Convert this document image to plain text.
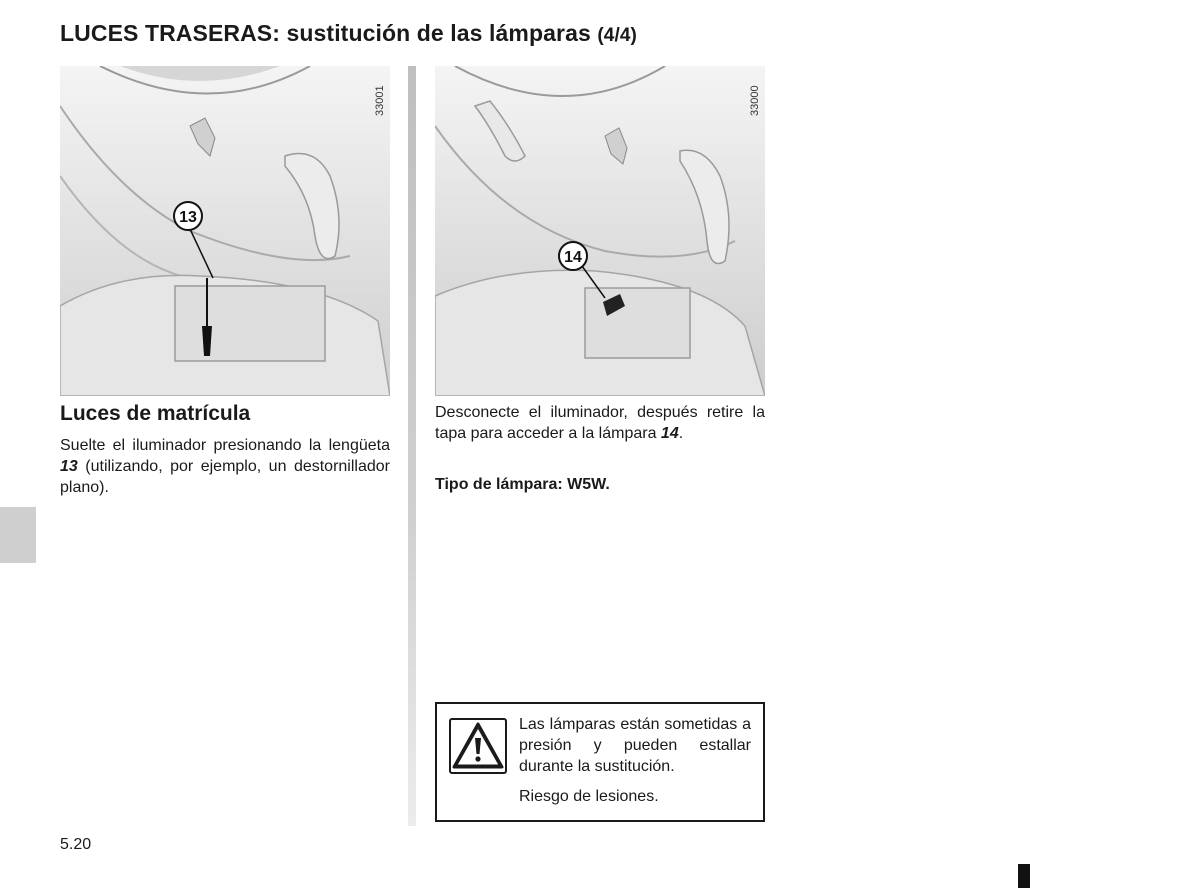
LUCES TRASERAS: sustitución de las lámparas (4/4)
13
33001
14
33000
Luces de matrícula
Suelte el iluminador presionando la lengüeta 13 (utilizando, por ejemplo, un destornillador plano).
Desconecte el iluminador, después retire la tapa para acceder a la lámpara 14.
Tipo de lámpara: W5W.
Las lámparas están sometidas a presión y pueden estallar durante la sustitución.
Riesgo de lesiones.
5.20
